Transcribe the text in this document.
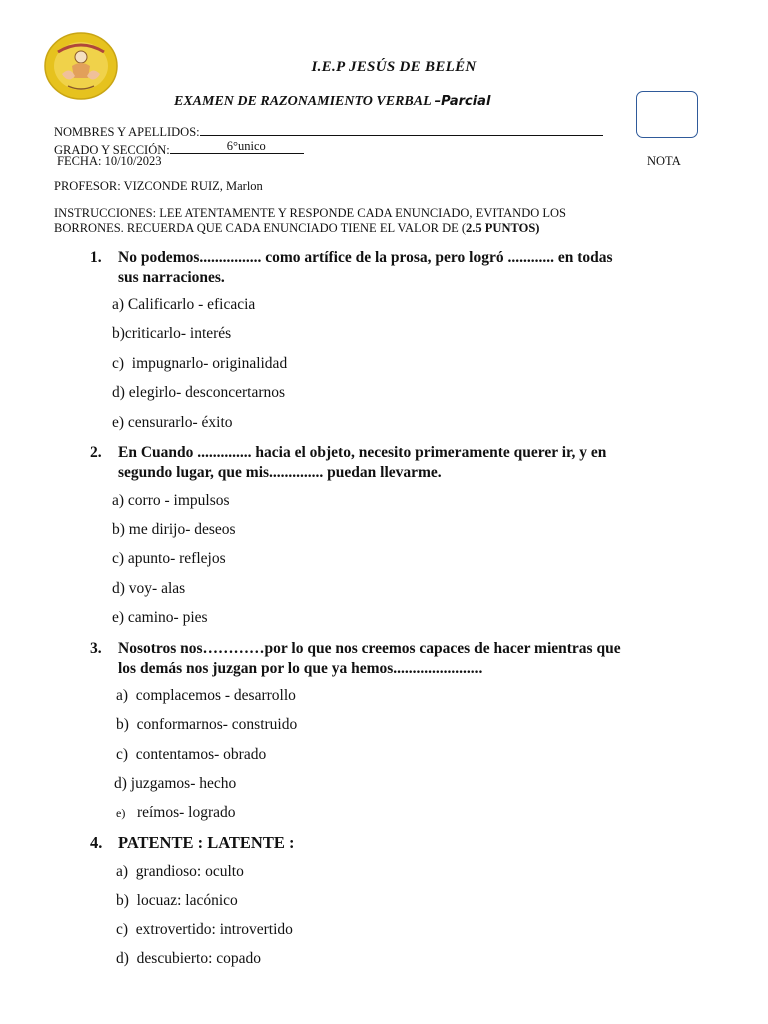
I.E.P JESÚS DE BELÉN
EXAMEN DE RAZONAMIENTO VERBAL –Parcial
NOMBRES Y APELLIDOS:
GRADO Y SECCIÓN:	6°unico
FECHA: 10/10/2023	NOTA
PROFESOR: VIZCONDE RUIZ, Marlon
INSTRUCCIONES: LEE ATENTAMENTE Y RESPONDE CADA ENUNCIADO, EVITANDO LOS
BORRONES. RECUERDA QUE CADA ENUNCIADO TIENE EL VALOR DE (2.5 PUNTOS)
1. No podemos................ como artífice de la prosa, pero logró ............ en todas
sus narraciones.
a) Calificarlo - eficacia
b)criticarlo- interés
c) impugnarlo- originalidad
d) elegirlo- desconcertarnos
e) censurarlo- éxito
2. En Cuando .............. hacia el objeto, necesito primeramente querer ir, y en
segundo lugar, que mis.............. puedan llevarme.
a) corro - impulsos
b) me dirijo- deseos
c) apunto- reflejos
d) voy- alas
e) camino- pies
3. Nosotros nos…………por lo que nos creemos capaces de hacer mientras que
los demás nos juzgan por lo que ya hemos.......................
a) complacemos - desarrollo
b) conformarnos- construido
c) contentamos- obrado
d) juzgamos- hecho
e) reímos- logrado
4. PATENTE : LATENTE :
a) grandioso: oculto
b) locuaz: lacónico
c) extrovertido: introvertido
d) descubierto: copado
